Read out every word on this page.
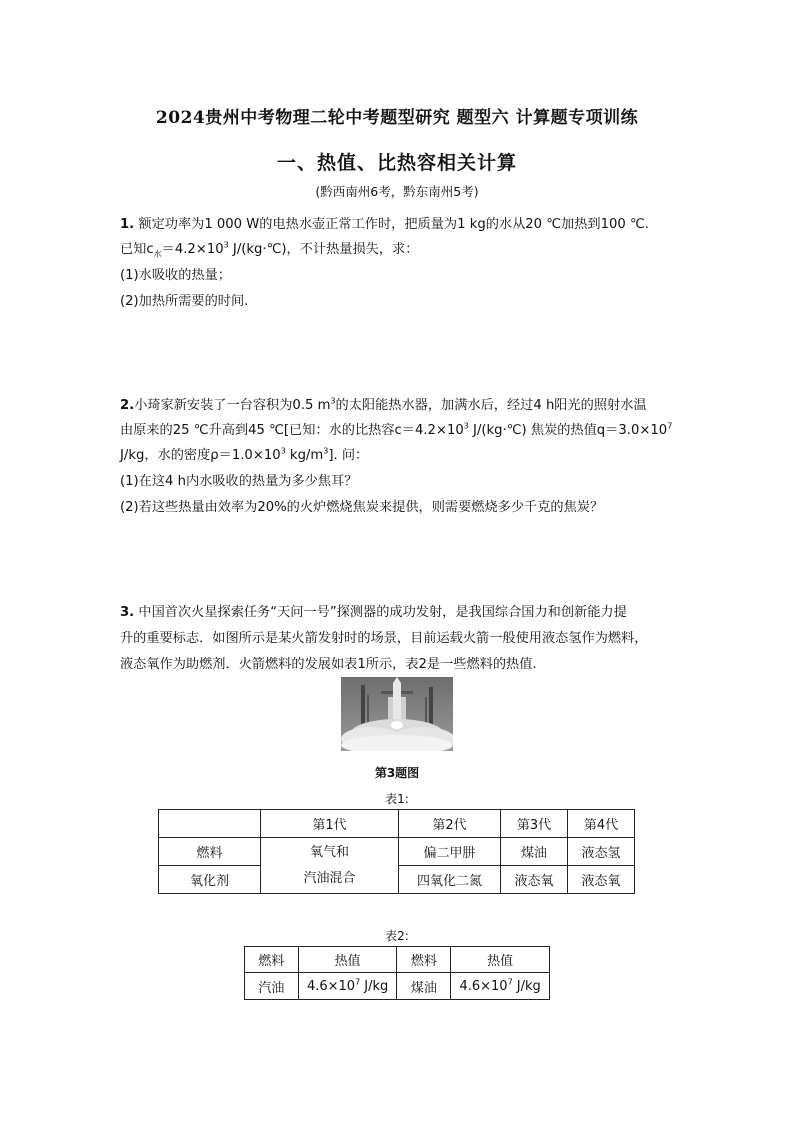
2024贵州中考物理二轮中考题型研究 题型六 计算题专项训练
一、热值、比热容相关计算
(黔西南州6考，黔东南州5考)
1. 额定功率为1 000 W的电热水壶正常工作时，把质量为1 kg的水从20 ℃加热到100 ℃.
已知$c_水=4.2\times 10^3$ J/(kg·℃)，不计热量损失，求：
(1)水吸收的热量；
(2)加热所需要的时间.
2.小琦家新安装了一台容积为0.5 $m^3$的太阳能热水器，加满水后，经过4 h阳光的照射水温
由原来的25 ℃升高到45 ℃[已知：水的比热容$c=4.2\times 10^3$ J/(kg·℃) 焦炭的热值$q=3.0\times 10^7$
J/kg，水的密度$\rho=1.0\times 10^3$ $kg/m^3$]. 问：
(1)在这4 h内水吸收的热量为多少焦耳？
(2)若这些热量由效率为20%的火炉燃烧焦炭来提供，则需要燃烧多少千克的焦炭？
3. 中国首次火星探索任务“天问一号”探测器的成功发射，是我国综合国力和创新能力提
升的重要标志．如图所示是某火箭发射时的场景，目前运载火箭一般使用液态氢作为燃料，
液态氧作为助燃剂．火箭燃料的发展如表1所示，表2是一些燃料的热值.
第3题图
表1:
	第1代	第2代	第3代	第4代
燃料	氧气和
汽油混合	偏二甲肼	煤油	液态氢
氧化剂		四氧化二氮	液态氧	液态氧
表2:
燃料	热值	燃料	热值
汽油	$4.6\times 10^7$ J/kg	煤油	$4.6\times 10^7$ J/kg
